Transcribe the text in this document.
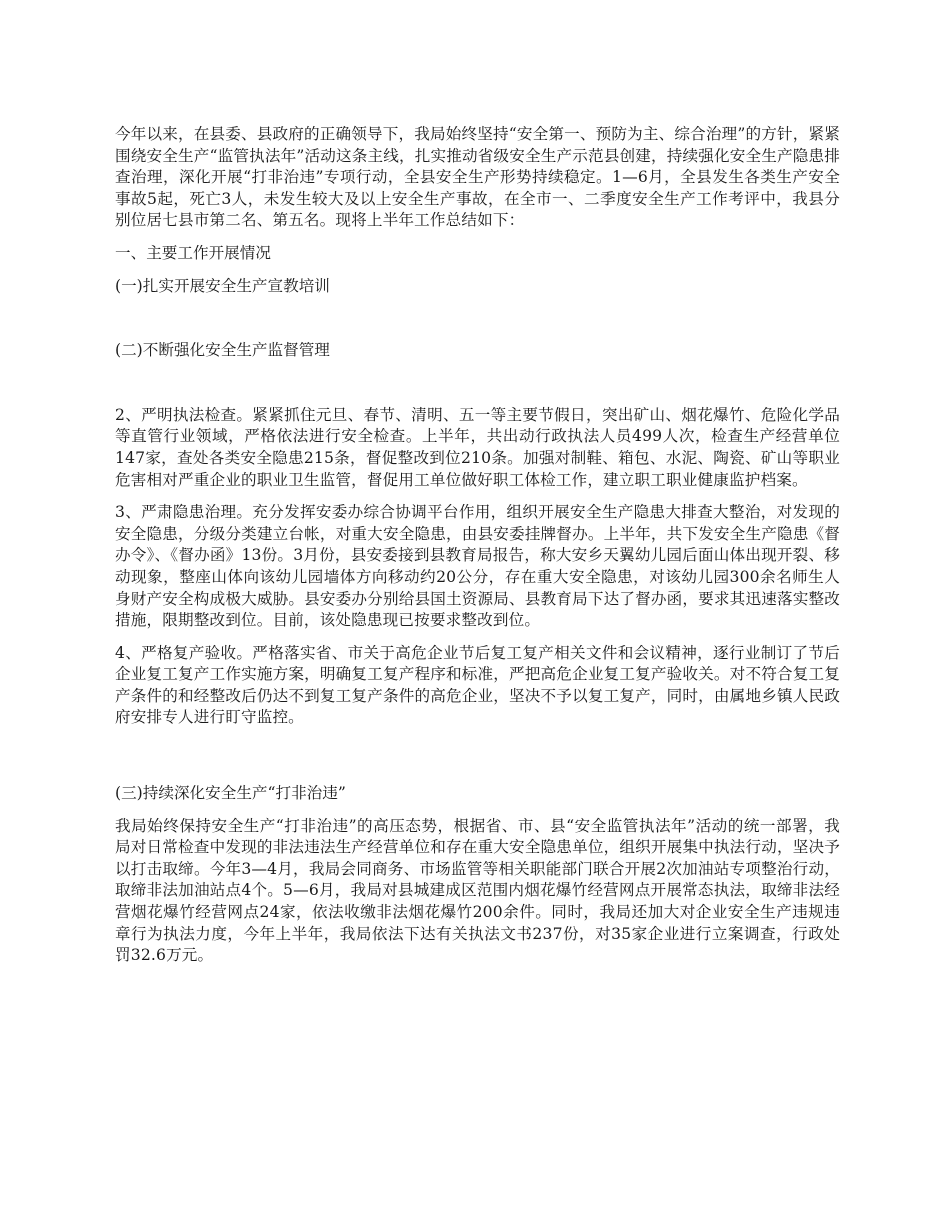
今年以来，在县委、县政府的正确领导下，我局始终坚持“安全第一、预防为主、综合治理”的方针，紧紧围绕安全生产“监管执法年”活动这条主线，扎实推动省级安全生产示范县创建，持续强化安全生产隐患排查治理，深化开展“打非治违”专项行动，全县安全生产形势持续稳定。1—6月，全县发生各类生产安全事故5起，死亡3人，未发生较大及以上安全生产事故，在全市一、二季度安全生产工作考评中，我县分别位居七县市第二名、第五名。现将上半年工作总结如下：

一、主要工作开展情况

(一)扎实开展安全生产宣教培训

(二)不断强化安全生产监督管理

2、严明执法检查。紧紧抓住元旦、春节、清明、五一等主要节假日，突出矿山、烟花爆竹、危险化学品等直管行业领域，严格依法进行安全检查。上半年，共出动行政执法人员499人次，检查生产经营单位147家，查处各类安全隐患215条，督促整改到位210条。加强对制鞋、箱包、水泥、陶瓷、矿山等职业危害相对严重企业的职业卫生监管，督促用工单位做好职工体检工作，建立职工职业健康监护档案。

3、严肃隐患治理。充分发挥安委办综合协调平台作用，组织开展安全生产隐患大排查大整治，对发现的安全隐患，分级分类建立台帐，对重大安全隐患，由县安委挂牌督办。上半年，共下发安全生产隐患《督办令》、《督办函》13份。3月份，县安委接到县教育局报告，称大安乡天翼幼儿园后面山体出现开裂、移动现象，整座山体向该幼儿园墙体方向移动约20公分，存在重大安全隐患，对该幼儿园300余名师生人身财产安全构成极大威胁。县安委办分别给县国土资源局、县教育局下达了督办函，要求其迅速落实整改措施，限期整改到位。目前，该处隐患现已按要求整改到位。

4、严格复产验收。严格落实省、市关于高危企业节后复工复产相关文件和会议精神，逐行业制订了节后企业复工复产工作实施方案，明确复工复产程序和标准，严把高危企业复工复产验收关。对不符合复工复产条件的和经整改后仍达不到复工复产条件的高危企业，坚决不予以复工复产，同时，由属地乡镇人民政府安排专人进行盯守监控。

(三)持续深化安全生产“打非治违”

我局始终保持安全生产“打非治违”的高压态势，根据省、市、县“安全监管执法年”活动的统一部署，我局对日常检查中发现的非法违法生产经营单位和存在重大安全隐患单位，组织开展集中执法行动，坚决予以打击取缔。今年3—4月，我局会同商务、市场监管等相关职能部门联合开展2次加油站专项整治行动，取缔非法加油站点4个。5—6月，我局对县城建成区范围内烟花爆竹经营网点开展常态执法，取缔非法经营烟花爆竹经营网点24家，依法收缴非法烟花爆竹200余件。同时，我局还加大对企业安全生产违规违章行为执法力度，今年上半年，我局依法下达有关执法文书237份，对35家企业进行立案调查，行政处罚32.6万元。
